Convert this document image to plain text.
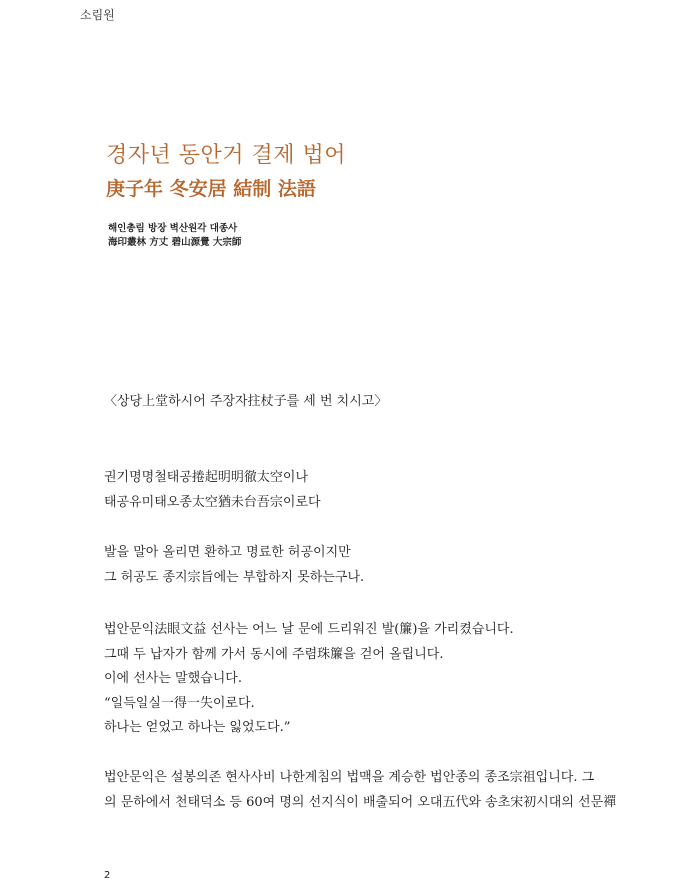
소림원
경자년 동안거 결제 법어
庚子年 冬安居 結制 法語
해인총림 방장 벽산원각 대종사
海印叢林 方丈 碧山源覺 大宗師
〈상당上堂하시어 주장자拄杖子를 세 번 치시고〉
권기명명철태공捲起明明徹太空이나
태공유미태오종太空猶未台吾宗이로다
발을 말아 올리면 환하고 명료한 허공이지만
그 허공도 종지宗旨에는 부합하지 못하는구나.
법안문익法眼文益 선사는 어느 날 문에 드리워진 발(簾)을 가리켰습니다.
그때 두 납자가 함께 가서 동시에 주렴珠簾을 걷어 올립니다.
이에 선사는 말했습니다.
“일득일실一得一失이로다.
하나는 얻었고 하나는 잃었도다.”
법안문익은 설봉의존 현사사비 나한계침의 법맥을 계승한 법안종의 종조宗祖입니다. 그
의 문하에서 천태덕소 등 60여 명의 선지식이 배출되어 오대五代와 송초宋初시대의 선문禪
2
